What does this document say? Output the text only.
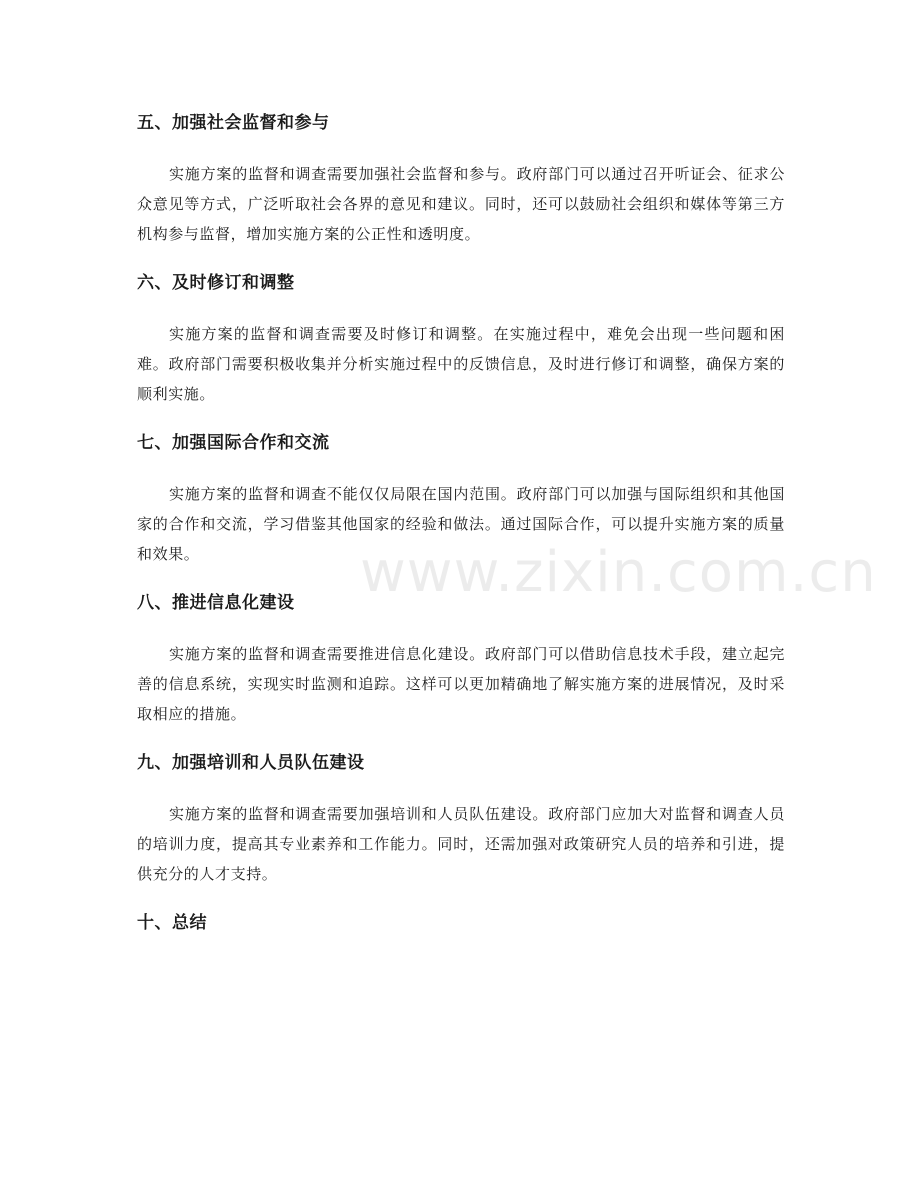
五、加强社会监督和参与

实施方案的监督和调查需要加强社会监督和参与。政府部门可以通过召开听证会、征求公众意见等方式，广泛听取社会各界的意见和建议。同时，还可以鼓励社会组织和媒体等第三方机构参与监督，增加实施方案的公正性和透明度。

六、及时修订和调整

实施方案的监督和调查需要及时修订和调整。在实施过程中，难免会出现一些问题和困难。政府部门需要积极收集并分析实施过程中的反馈信息，及时进行修订和调整，确保方案的顺利实施。

七、加强国际合作和交流

实施方案的监督和调查不能仅仅局限在国内范围。政府部门可以加强与国际组织和其他国家的合作和交流，学习借鉴其他国家的经验和做法。通过国际合作，可以提升实施方案的质量和效果。

八、推进信息化建设

实施方案的监督和调查需要推进信息化建设。政府部门可以借助信息技术手段，建立起完善的信息系统，实现实时监测和追踪。这样可以更加精确地了解实施方案的进展情况，及时采取相应的措施。

九、加强培训和人员队伍建设

实施方案的监督和调查需要加强培训和人员队伍建设。政府部门应加大对监督和调查人员的培训力度，提高其专业素养和工作能力。同时，还需加强对政策研究人员的培养和引进，提供充分的人才支持。

十、总结
www.zixin.com.cn
